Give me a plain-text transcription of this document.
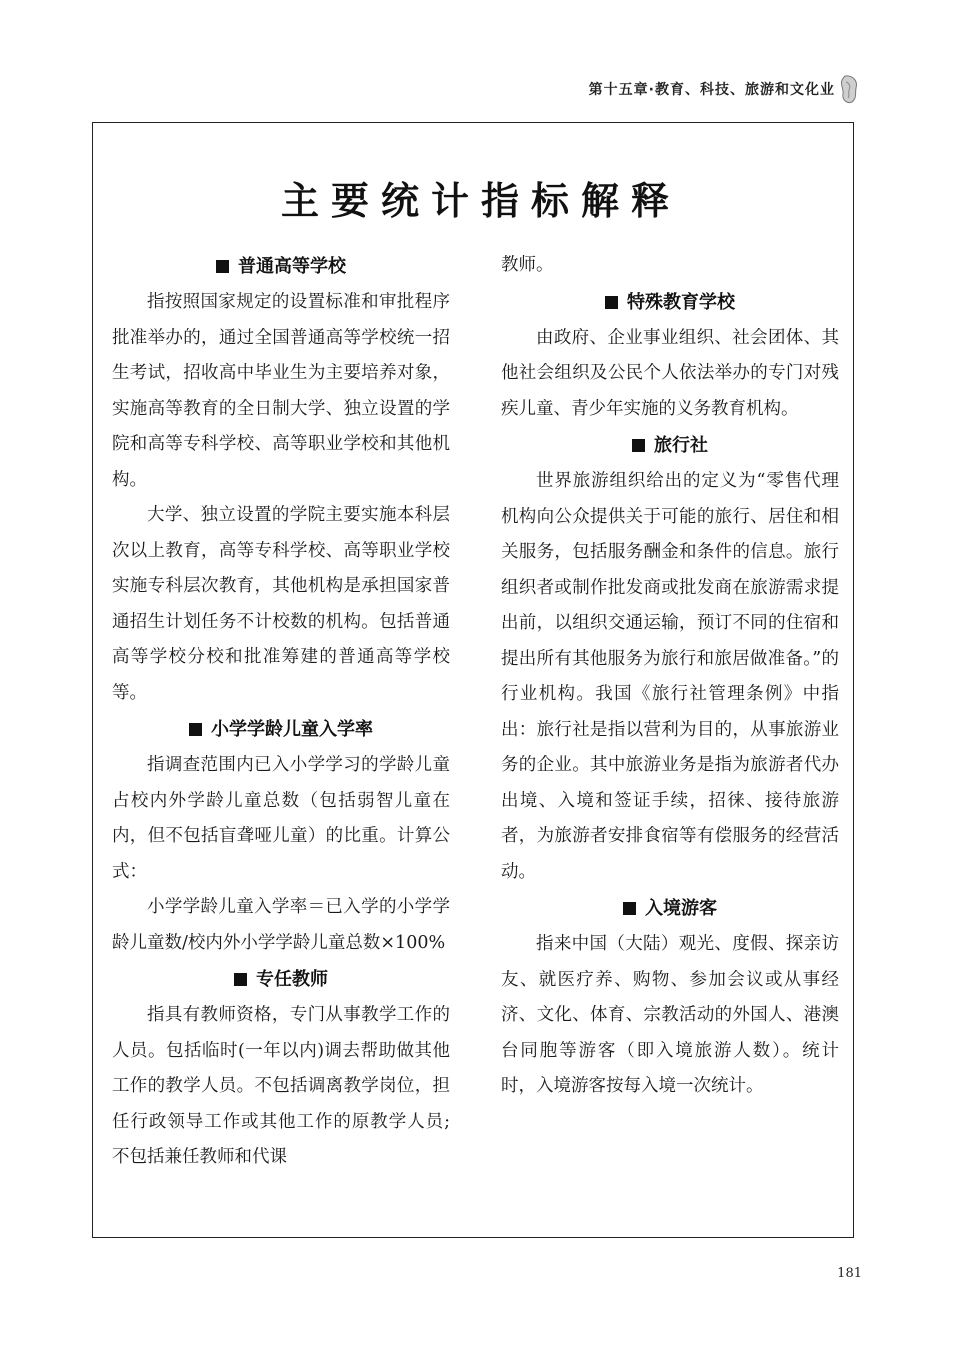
第十五章·教育、科技、旅游和文化业
主要统计指标解释
普通高等学校

指按照国家规定的设置标准和审批程序批准举办的，通过全国普通高等学校统一招生考试，招收高中毕业生为主要培养对象，实施高等教育的全日制大学、独立设置的学院和高等专科学校、高等职业学校和其他机构。

大学、独立设置的学院主要实施本科层次以上教育，高等专科学校、高等职业学校实施专科层次教育，其他机构是承担国家普通招生计划任务不计校数的机构。包括普通高等学校分校和批准筹建的普通高等学校等。

小学学龄儿童入学率

指调查范围内已入小学学习的学龄儿童占校内外学龄儿童总数（包括弱智儿童在内，但不包括盲聋哑儿童）的比重。计算公式：

小学学龄儿童入学率＝已入学的小学学龄儿童数/校内外小学学龄儿童总数×100%

专任教师

指具有教师资格，专门从事教学工作的人员。包括临时(一年以内)调去帮助做其他工作的教学人员。不包括调离教学岗位，担任行政领导工作或其他工作的原教学人员;不包括兼任教师和代课

教师。

特殊教育学校

由政府、企业事业组织、社会团体、其他社会组织及公民个人依法举办的专门对残疾儿童、青少年实施的义务教育机构。

旅行社

世界旅游组织给出的定义为“零售代理机构向公众提供关于可能的旅行、居住和相关服务，包括服务酬金和条件的信息。旅行组织者或制作批发商或批发商在旅游需求提出前，以组织交通运输，预订不同的住宿和提出所有其他服务为旅行和旅居做准备。”的行业机构。我国《旅行社管理条例》中指出：旅行社是指以营利为目的，从事旅游业务的企业。其中旅游业务是指为旅游者代办出境、入境和签证手续，招徕、接待旅游者，为旅游者安排食宿等有偿服务的经营活动。

入境游客

指来中国（大陆）观光、度假、探亲访友、就医疗养、购物、参加会议或从事经济、文化、体育、宗教活动的外国人、港澳台同胞等游客（即入境旅游人数）。统计时，入境游客按每入境一次统计。

181
